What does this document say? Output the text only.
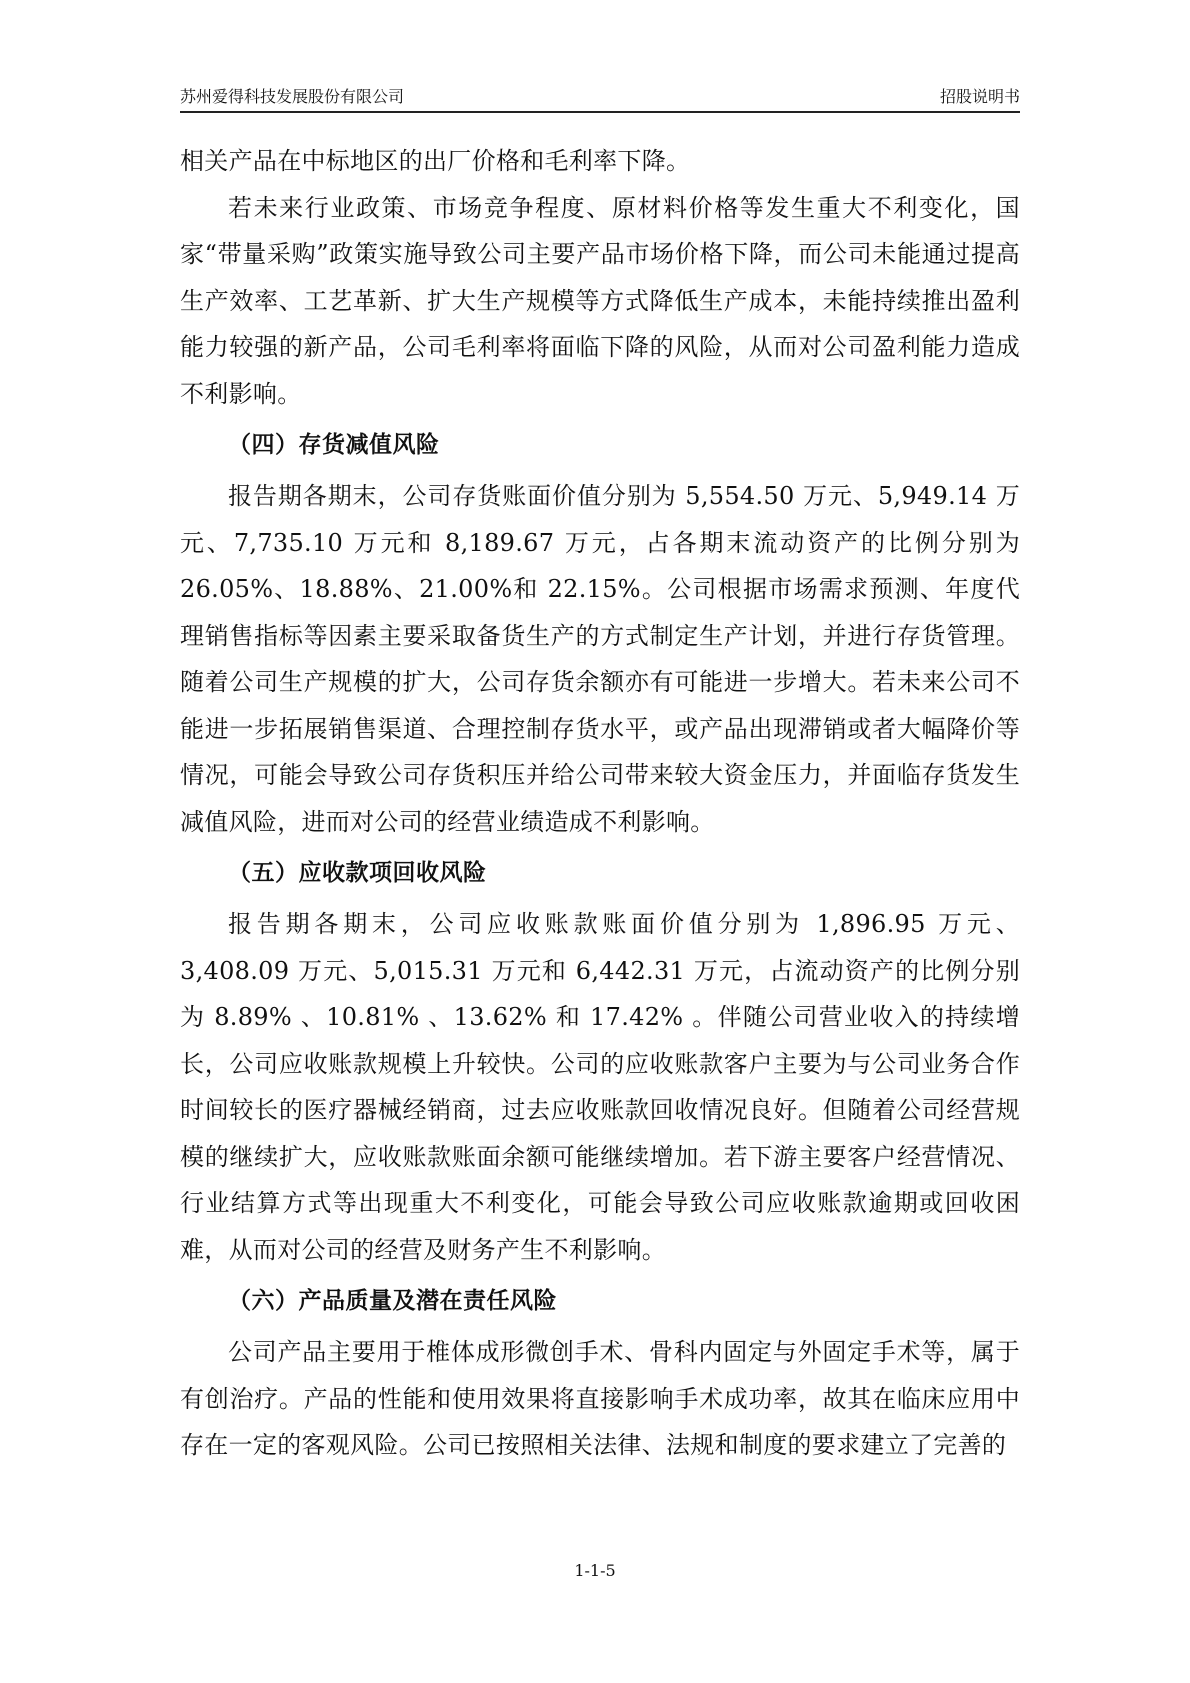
苏州爱得科技发展股份有限公司	招股说明书

相关产品在中标地区的出厂价格和毛利率下降。

若未来行业政策、市场竞争程度、原材料价格等发生重大不利变化，国家“带量采购”政策实施导致公司主要产品市场价格下降，而公司未能通过提高生产效率、工艺革新、扩大生产规模等方式降低生产成本，未能持续推出盈利能力较强的新产品，公司毛利率将面临下降的风险，从而对公司盈利能力造成不利影响。

（四）存货减值风险

报告期各期末，公司存货账面价值分别为 5,554.50 万元、5,949.14 万元、7,735.10 万元和 8,189.67 万元，占各期末流动资产的比例分别为 26.05%、18.88%、21.00%和 22.15%。公司根据市场需求预测、年度代理销售指标等因素主要采取备货生产的方式制定生产计划，并进行存货管理。随着公司生产规模的扩大，公司存货余额亦有可能进一步增大。若未来公司不能进一步拓展销售渠道、合理控制存货水平，或产品出现滞销或者大幅降价等情况，可能会导致公司存货积压并给公司带来较大资金压力，并面临存货发生减值风险，进而对公司的经营业绩造成不利影响。

（五）应收款项回收风险

报告期各期末，公司应收账款账面价值分别为 1,896.95 万元、3,408.09 万元、5,015.31 万元和 6,442.31 万元，占流动资产的比例分别为 8.89% 、10.81% 、13.62% 和 17.42% 。伴随公司营业收入的持续增长，公司应收账款规模上升较快。公司的应收账款客户主要为与公司业务合作时间较长的医疗器械经销商，过去应收账款回收情况良好。但随着公司经营规模的继续扩大，应收账款账面余额可能继续增加。若下游主要客户经营情况、行业结算方式等出现重大不利变化，可能会导致公司应收账款逾期或回收困难，从而对公司的经营及财务产生不利影响。

（六）产品质量及潜在责任风险

公司产品主要用于椎体成形微创手术、骨科内固定与外固定手术等，属于有创治疗。产品的性能和使用效果将直接影响手术成功率，故其在临床应用中存在一定的客观风险。公司已按照相关法律、法规和制度的要求建立了完善的

1-1-5
